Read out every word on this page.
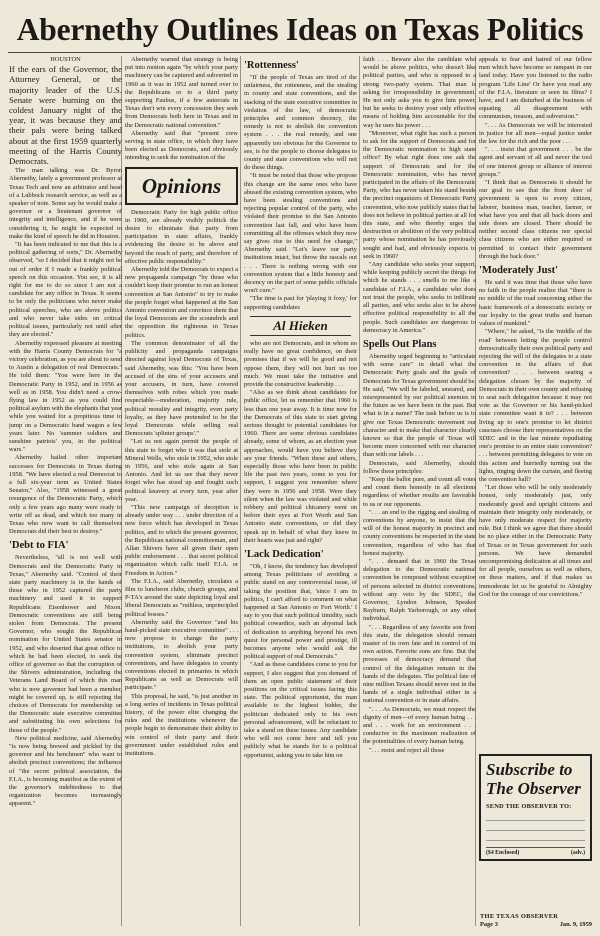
Abernethy Outlines Ideas on Texas Politics

HOUSTON

If the ears of the Governor, the Attorney General, or the majority leader of the U.S. Senate were burning on the coldest January night of the year, it was because they and their pals were being talked about at the first 1959 quarterly meeting of the Harris County Democrats.

The man talking was Dr. Byron Abernethy, lately a government professor at Texas Tech and now an arbitrator and head of a Lubbock research service, as well as a speaker of note. Some say he would make a governor or a lieutenant governor of integrity and intelligence, and if he were considering it, he might be expected to make the kind of speech he did in Houston.

"It has been indicated to me that this is a political gathering of sorts," Dr. Abernethy observed, "so I decided that it might not be out of order if I made a frankly political speech on this occasion. You see, it is all right for me to do so since I am not a candidate for any office in Texas. It seems to be only the politicians who never make political speeches, who are above politics and who never take sides on critical political issues, particularly not until after they are elected."

Abernethy expressed pleasure at meeting with the Harris County Democrats for "a victory celebration, as you are about to send to Austin a delegation of real Democrats." He told them: "You were here in the Democratic Party in 1952, and in 1956 as well as in 1958. You didn't need a crow-flying law in 1952 as you could find political asylum with the elephants that year while you waited for a propitious time to jump on a Democratic band wagon a few years later. No 'summer soldiers and sunshine patriots' you, in the political wars."

Abernethy hailed other important successes for Democrats in Texas during 1958. "We have elected a real Democrat to a full six-year term as United States Senator," Also, "1958 witnessed a great resurgence of the Democratic Party, which only a few years ago many were ready to write off as dead, and which too many in Texas who now want to call themselves Democrats did their best to destroy."

'Debt to FIA'

Nevertheless, "all is not well with Democrats and the Democratic Party in Texas," Abernethy said. "Control of their state party machinery is in the hands of those who in 1952 captured the party machinery and used it to support Republicans Eisenhower and Nixon. Democratic conventions are still being stolen from Democrats. The present Governor, who sought the Republican nomination for United States senator in 1952, and who deserted that great office to which he had been elected, to seek the office of governor so that the corruption of the Shivers administration, including the Veterans Land Board of which this man who is now governor had been a member, might be covered up, is still rejecting the choices of Democrats for membership on the Democratic state executive committee and substituting his own selections for those of the people."

New political medicine, said Abernethy, "is now being brewed and pickled by the governor and his henchmen" who want to abolish precinct conventions; the influence of "the secret political association, the F.I.A., is becoming manifest as the extent of the governor's indebtedness to that organization becomes increasingly apparent."

Abernethy warned that strategy is being put into motion again "by which your party machinery can be captured and subverted in 1960 as it was in 1952 and turned over to the Republicans or to a third party supporting Faubus, if a few autocrats in Texas don't win every concession they seek from Democrats both here in Texas and in the Democratic national convention."

Abernethy said that "present crew serving in state office, in which they have been elected as Democrats, and obviously intending to seek the nomination of the

Opinions

Democratic Party for high public office in 1960, are already visibly politick the desire to eliminate that party from participation in state affairs, frankly evidencing the desire to be above and beyond the reach of party, and therefore of effective public responsibility."

Abernethy told the Democrats to expect a new propaganda campaign "by those who couldn't keep their promise to run an honest convention at San Antonio" to try to make the people forget what happened at the San Antonio convention and convince them that the loyal Democrats are the scoundrels and the opposition the righteous in Texas politics.

The common denominator of all the publicity and propaganda campaigns directed against loyal Democrats of Texas, said Abernethy, was this: "You have been accused of the sins of your accusers and your accusers, in turn, have covered themselves with robes which you made respectable—moderation, majority rule, political morality and integrity, even party loyalty, as they have pretended to be the loyal Democrats while selling real Democrats 'splinter groups'."

"Let us not again permit the people of this state to forget who it was that stole at Mineral Wells, who stole in 1952, who stole in 1956, and who stole again at San Antonio. And let us see that they never forget who has stood up and fought such political knavery at every turn, year after year.

"This new campaign of deception is already under way . . . under direction of a new force which has developed in Texas politics, and to which the present governor, the Republican national committeeman, and Allan Shivers have all given their open public endorsement . . . that secret political organization which calls itself F.I.A. or Freedom in Action."

The F.I.A., said Abernethy, circulates a film to luncheon clubs, church groups, and P-TA's around the state depicting loyal and liberal Democrats as "ruthless, unprincipled political bosses."

Abernethy said the Governor "and his hand-picked state executive committee" . . . now propose to change the party institutions, to abolish your party convention system, eliminate precinct conventions, and have delegates to county conventions elected in primaries in which Republicans as well as Democrats will participate."

This proposal, he said, "is just another in a long series of incidents in Texas political history, of the power elite changing the rules and the institutions whenever the people begin to demonstrate their ability to win control of their party and their government under established rules and institutions.

'Rottenness'

"If the people of Texas are tired of the unfairness, the rottenness, and the stealing in county and state conventions, and the stacking of the state executive committee in violation of the law, of democratic principles and common decency, the remedy is not to abolish the convention system . . . the real remedy, and one apparently too obvious for the Governor to see, is for the people to choose delegates to county and state conventions who will not do these things.

"It must be noted that those who propose this change are the same ones who have abused the existing convention system, who have been stealing conventions and rejecting popular control of the party, who violated their promise to the San Antonio convention last fall, and who have been committing all the offenses which they now say gives rise to this need for change," Abernethy said. "Let's leave our party institutions intact, but throw the rascals out . . . There is nothing wrong with our convention system that a little honesty and decency on the part of some public officials won't cure."

"The time is past for 'playing it foxy,' for supporting candidates

Al Hieken

who are not Democrats, and in whom no really have no great confidence, on their promises that if we will be good and not oppose them, they will not hurt us too much. We must take the initiative and provide the constructive leadership . . .

"Also as we think about candidates for public office, let us remember that 1960 is less than one year away. It is time now for the Democrats of this state to start giving serious thought to potential candidates for 1960. There are some obvious candidates already, some of whom, as an election year approaches, would have you believe they are your friends. "When these and others, especially those who have been in public life the past two years, come to you for support, I suggest you remember where they were in 1956 and 1958. Were they silent when the law was violated and while robbery and political chicanery went on before their eyes at Fort Worth and San Antonio state conventions, or did they speak up in behalf of what they knew in their hearts was just and right?

'Lack Dedication'

"Oh, I know, the tendency has developed among Texas politicians of avoiding a public stand on any controversial issue, of taking the position that, 'since I am in politics, I can't afford to comment on what happened at San Antonio or Fort Worth.' I say to you that such political timidity, such political cowardice, such an abysmal lack of dedication to anything beyond his own quest for personal power and prestige, ill becomes anyone who would ask the political support of real Democrats."

"And as these candidates come to you for support, I also suggest that you demand of them an open public statement of their positions on the critical issues facing this state. The political opportunist, the man available to the highest bidder, the politician dedicated only to his own personal advancement, will be reluctant to take a stand on these issues. Any candidate who will not come here and tell you publicly what he stands for is a political opportunist, asking you to take him on

faith . . . Beware also the candidate who would be above politics, who doesn't like political parties, and who is opposed to a strong two-party system. That man is asking for irresponsibility in government. He not only asks you to give him power, but he seeks to destroy your only effective means of holding him accountable for the way he uses his power . . .

"Moreover, what right has such a person to ask for the support of Democrats and for the Democratic nomination to high state office? By what right does one ask the support of Democrats and for the Democratic nomination, who has never participated in the affairs of the Democratic Party, who has never taken his stand beside the precinct organizers of Democratic Party convention, who now publicly states that he does not believe in political parties at all for this state, and who thereby urges the destruction or abolition of the very political party whose nomination he has previously sought and had, and obviously expects to seek in 1960?

"Any candidate who seeks your support, while keeping publicly secret the things for which he stands . . . smells to me like a candidate of F.I.A., a candidate who does not trust the people, who seeks to infiltrate all parties, and who seeks also to be above effective political responsibility to all the people. Such candidates are dangerous to democracy in America."

Spells Out Plans

Abernethy urged beginning to "articulate with some care" in detail what the Democratic Party goals and the goals of Democrats for Texas government should be. He said, "We will be labeled, smeared, and misrepresented by our political enemies in the future as we have been in the past. But what is in a name? The task before us is to give our Texas Democratic movement our character and to make that character clearly known so that the people of Texas will become more concerned with our character than with our labels . . .

Democrats, said Abernethy, should follow these principles:

"Keep the ballot pure, and count all votes and count them honestly in all elections regardless of whether results are favorable to us or our opponents.

". . . an end to the rigging and stealing of conventions by anyone, to insist that the will of the honest majority in precinct and county conventions be respected in the state convention, regardless of who has that honest majority.

". . . demand that in 1960 the Texas delegation to the Democratic national convention be composed without exception of persons selected in district conventions, without any veto by the SDEC, the Governor, Lyndon Johnson, Speaker Rayburn, Ralph Yarborough, or any other individual.

". . . Regardless of any favorite son from this state, the delegation should remain master of its own fate and in control of its own action. Favorite sons are fine. But the processes of democracy demand that control of the delegation remain in the hands of the delegates. The political fate of nine million Texans should never rest in the hands of a single individual either in a national convention or in state affairs.

". . . As Democrats, we must respect the dignity of men—of every human being . . . and . . . work for an environment . . . conducive to the maximum realization of the potentialities of every human being.

". . . resist and reject all those

appeals to fear and hatred of our fellow men which have become so rampant in our land today. Have you listened to the radio program 'Life Line' Or have you read any of the F.I.A. literature or seen its films? I have, and I am disturbed at the business of equating all disagreement with communism, treason, and subversion."

". . . As Democrats we will be interested in justice for all men—equal justice under the law for the rich and the poor . . .

". . . insist that government . . . be the agent and servant of all and never the tool of one interest group or alliance of interest groups."

"I think that as Democrats it should be our goal to see that the front door of government is open to every citizen, laborer, business man, teacher, farmer, or what have you and that all back doors and side doors are closed. There should be neither second class citizens nor special class citizens who are either required or permitted to contact their government through the back door."

'Moderately Just'

He said it was time that those who have no faith in the people realize that "there is no middle of the road concerning either the basic framework of a democratic society or our loyalty to the great truths and human values of mankind."

"Where," he asked, "is the 'middle of the road' between letting the people control democratically their own political party and rejecting the will of the delegates to a state convention in the affairs of that convention? . . . between seating a delegation chosen by the majority of Democrats in their own county and refusing to seat such delegation because it may not vote as the Governor or his hand-picked state committee want it to? . . . between living up to one's promise to let district caucuses choose their representatives on the SDEC and in the last minute repudiating one's promise to an entire state convention? . . . between permitting delegates to vote on this action and hurriedly turning out the lights, ringing down the curtain, and fleeing the convention hall?

"Let those who will be only moderately honest, only moderately just, only moderately good and upright citizens and maintain their integrity only moderately, or have only moderate respect for majority rule. But I think we agree that there should be no place either in the Democratic Party of Texas or in Texas government for such persons. We have demanded uncompromising dedication at all times and for all people, ourselves as well as others, on these matters, and if that makes us immoderate let us be grateful to Almighty God for the courage of our convictions."

Subscribe to The Observer
SEND THE OBSERVER TO:
($4 Enclosed)	(adv.)
THE TEXAS OBSERVER
Page 3	Jan. 9, 1959
